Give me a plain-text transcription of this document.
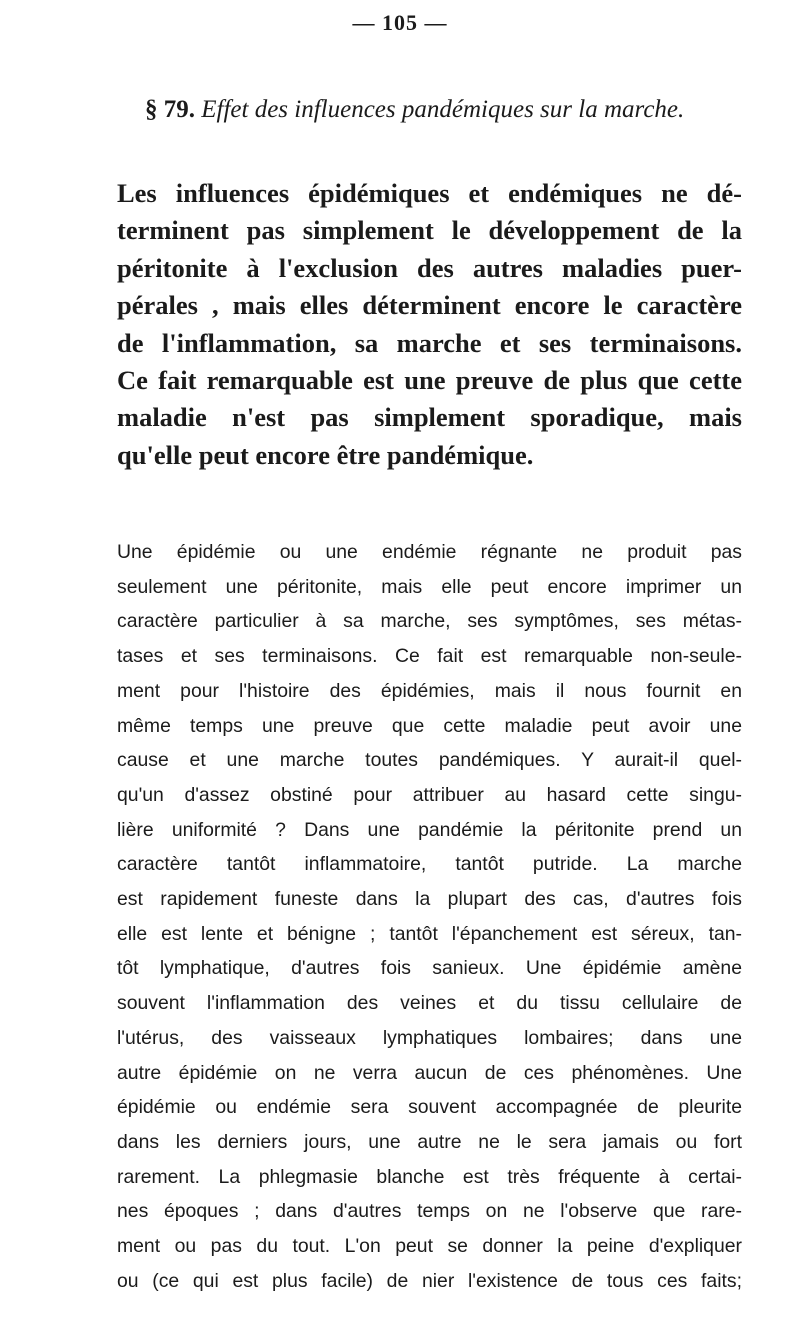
— 105 —
§ 79. Effet des influences pandémiques sur la marche.
Les influences épidémiques et endémiques ne dé-
terminent pas simplement le développement de la
péritonite à l'exclusion des autres maladies puer-
pérales , mais elles déterminent encore le caractère
de l'inflammation, sa marche et ses terminaisons.
Ce fait remarquable est une preuve de plus que cette
maladie n'est pas simplement sporadique, mais
qu'elle peut encore être pandémique.
Une épidémie ou une endémie régnante ne produit pas
seulement une péritonite, mais elle peut encore imprimer un
caractère particulier à sa marche, ses symptômes, ses métas-
tases et ses terminaisons. Ce fait est remarquable non-seule-
ment pour l'histoire des épidémies, mais il nous fournit en
même temps une preuve que cette maladie peut avoir une
cause et une marche toutes pandémiques. Y aurait-il quel-
qu'un d'assez obstiné pour attribuer au hasard cette singu-
lière uniformité ? Dans une pandémie la péritonite prend un
caractère tantôt inflammatoire, tantôt putride. La marche
est rapidement funeste dans la plupart des cas, d'autres fois
elle est lente et bénigne ; tantôt l'épanchement est séreux, tan-
tôt lymphatique, d'autres fois sanieux. Une épidémie amène
souvent l'inflammation des veines et du tissu cellulaire de
l'utérus, des vaisseaux lymphatiques lombaires; dans une
autre épidémie on ne verra aucun de ces phénomènes. Une
épidémie ou endémie sera souvent accompagnée de pleurite
dans les derniers jours, une autre ne le sera jamais ou fort
rarement. La phlegmasie blanche est très fréquente à certai-
nes époques ; dans d'autres temps on ne l'observe que rare-
ment ou pas du tout. L'on peut se donner la peine d'expliquer
ou (ce qui est plus facile) de nier l'existence de tous ces faits;
